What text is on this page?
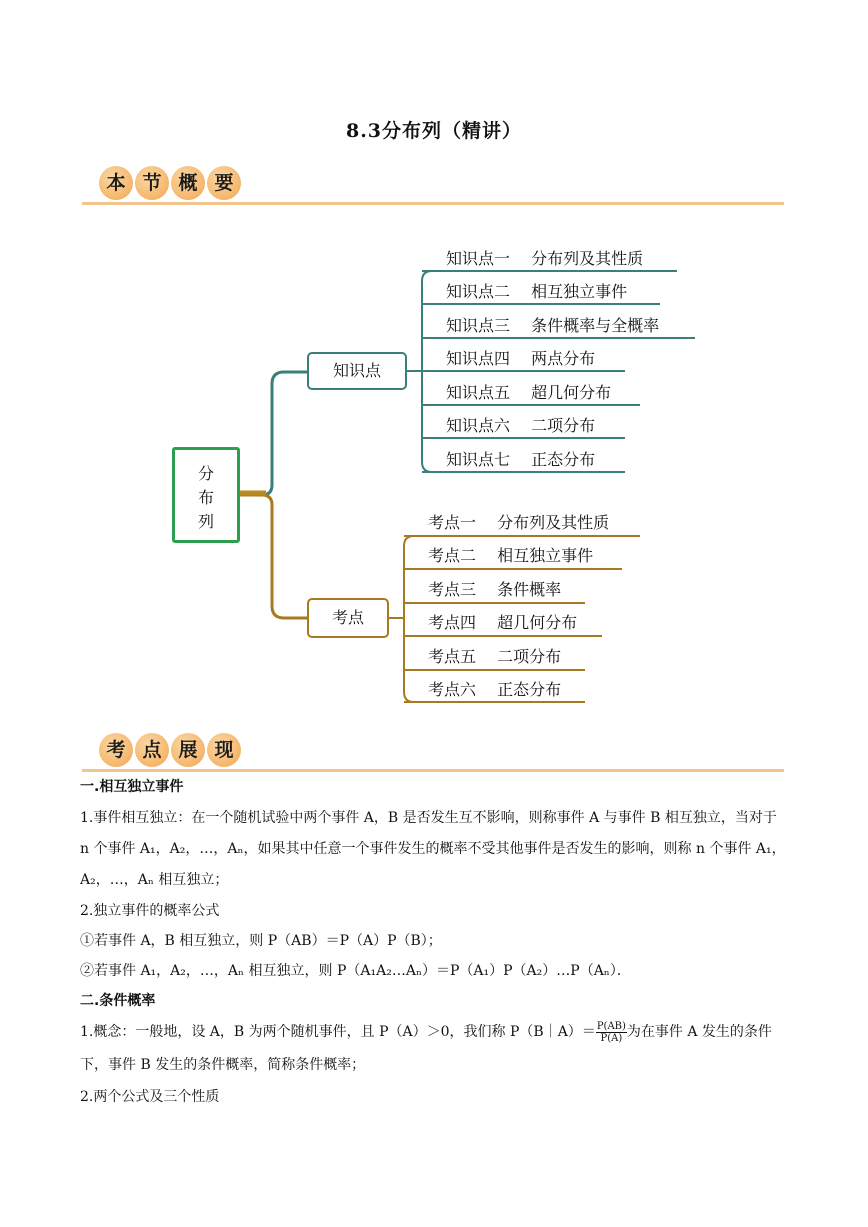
8.3分布列（精讲）
本 节 概 要
分
布
列
知识点
考点
知识点一　 分布列及其性质
知识点二　 相互独立事件
知识点三　 条件概率与全概率
知识点四　 两点分布
知识点五　 超几何分布
知识点六　 二项分布
知识点七　 正态分布
考点一　 分布列及其性质
考点二　 相互独立事件
考点三　 条件概率
考点四　 超几何分布
考点五　 二项分布
考点六　 正态分布
考 点 展 现

一.相互独立事件

1.事件相互独立：在一个随机试验中两个事件 A，B 是否发生互不影响，则称事件 A 与事件 B 相互独立，当对于 n 个事件 A₁，A₂，…，Aₙ，如果其中任意一个事件发生的概率不受其他事件是否发生的影响，则称 n 个事件 A₁，A₂，…，Aₙ 相互独立；

2.独立事件的概率公式

①若事件 A，B 相互独立，则 P（AB）＝P（A）P（B）；

②若事件 A₁，A₂，…，Aₙ 相互独立，则 P（A₁A₂…Aₙ）＝P（A₁）P（A₂）…P（Aₙ）．

二.条件概率

1.概念：一般地，设 A，B 为两个随机事件，且 P（A）＞0，我们称 P（B｜A）＝ $\frac{P(AB)}{P(A)}$ 为在事件 A 发生的条件下，事件 B 发生的条件概率，简称条件概率；

2.两个公式及三个性质
